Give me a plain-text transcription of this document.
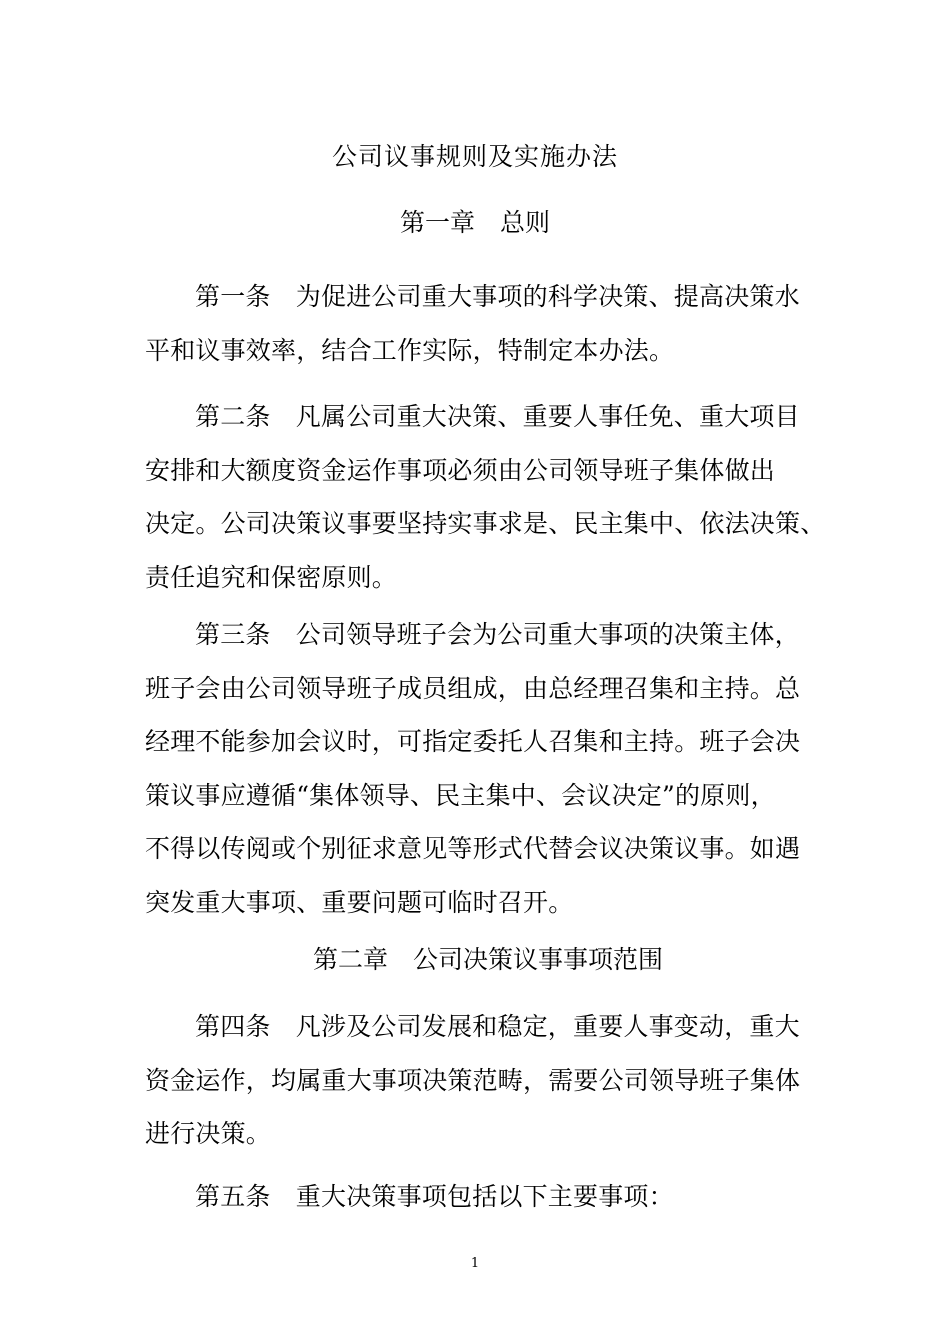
公司议事规则及实施办法
第一章　总则
第一条　为促进公司重大事项的科学决策、提高决策水
平和议事效率，结合工作实际，特制定本办法。
第二条　凡属公司重大决策、重要人事任免、重大项目
安排和大额度资金运作事项必须由公司领导班子集体做出
决定。公司决策议事要坚持实事求是、民主集中、依法决策、
责任追究和保密原则。
第三条　公司领导班子会为公司重大事项的决策主体，
班子会由公司领导班子成员组成，由总经理召集和主持。总
经理不能参加会议时，可指定委托人召集和主持。班子会决
策议事应遵循“集体领导、民主集中、会议决定”的原则，
不得以传阅或个别征求意见等形式代替会议决策议事。如遇
突发重大事项、重要问题可临时召开。
第二章　公司决策议事事项范围
第四条　凡涉及公司发展和稳定，重要人事变动，重大
资金运作，均属重大事项决策范畴，需要公司领导班子集体
进行决策。
第五条　重大决策事项包括以下主要事项：
1
